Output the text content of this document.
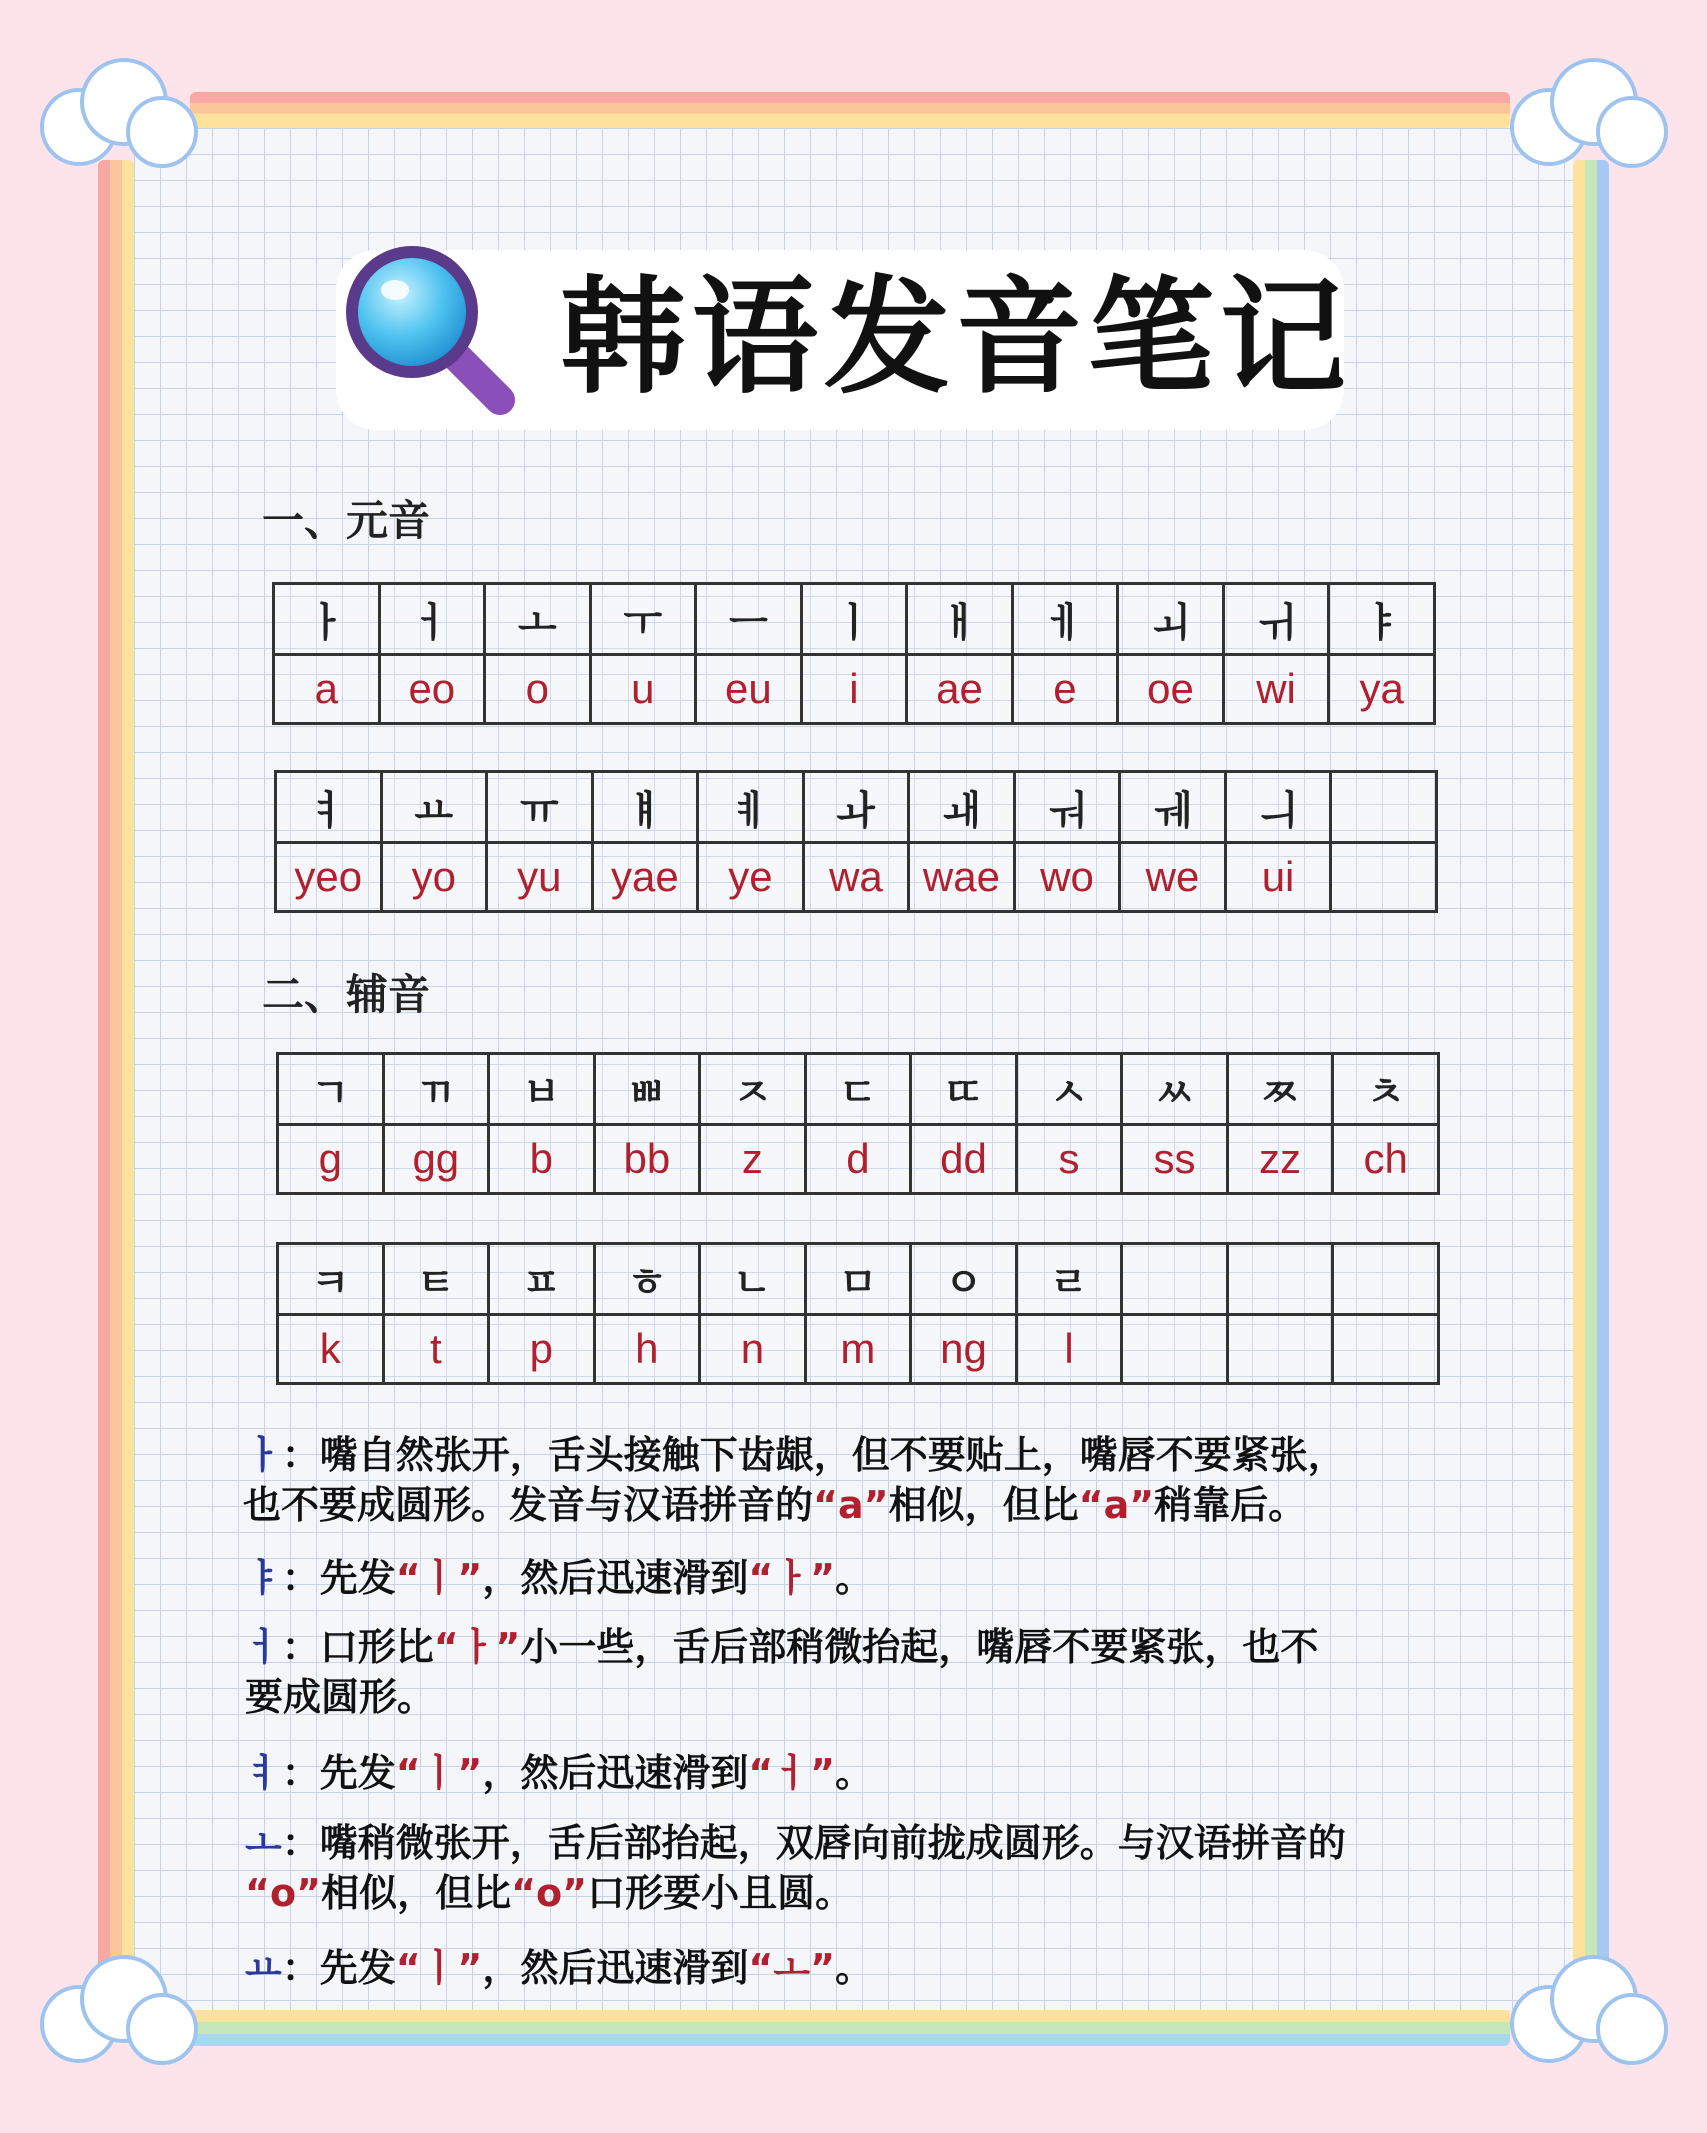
韩语发音笔记
一、元音
ㅏ	ㅓ	ㅗ	ㅜ	ㅡ	ㅣ	ㅐ	ㅔ	ㅚ	ㅟ	ㅑ
a	eo	o	u	eu	i	ae	e	oe	wi	ya
ㅕ	ㅛ	ㅠ	ㅒ	ㅖ	ㅘ	ㅙ	ㅝ	ㅞ	ㅢ	
yeo	yo	yu	yae	ye	wa	wae	wo	we	ui	
二、辅音
ㄱ	ㄲ	ㅂ	ㅃ	ㅈ	ㄷ	ㄸ	ㅅ	ㅆ	ㅉ	ㅊ
g	gg	b	bb	z	d	dd	s	ss	zz	ch
ㅋ	ㅌ	ㅍ	ㅎ	ㄴ	ㅁ	ㅇ	ㄹ			
k	t	p	h	n	m	ng	l			
ㅏ：嘴自然张开，舌头接触下齿龈，但不要贴上，嘴唇不要紧张，
也不要成圆形。发音与汉语拼音的“a”相似，但比“a”稍靠后。
ㅑ：先发“ㅣ”，然后迅速滑到“ㅏ”。
ㅓ：口形比“ㅏ”小一些，舌后部稍微抬起，嘴唇不要紧张，也不
要成圆形。
ㅕ：先发“ㅣ”，然后迅速滑到“ㅓ”。
ㅗ：嘴稍微张开，舌后部抬起，双唇向前拢成圆形。与汉语拼音的
“o”相似，但比“o”口形要小且圆。
ㅛ：先发“ㅣ”，然后迅速滑到“ㅗ”。
